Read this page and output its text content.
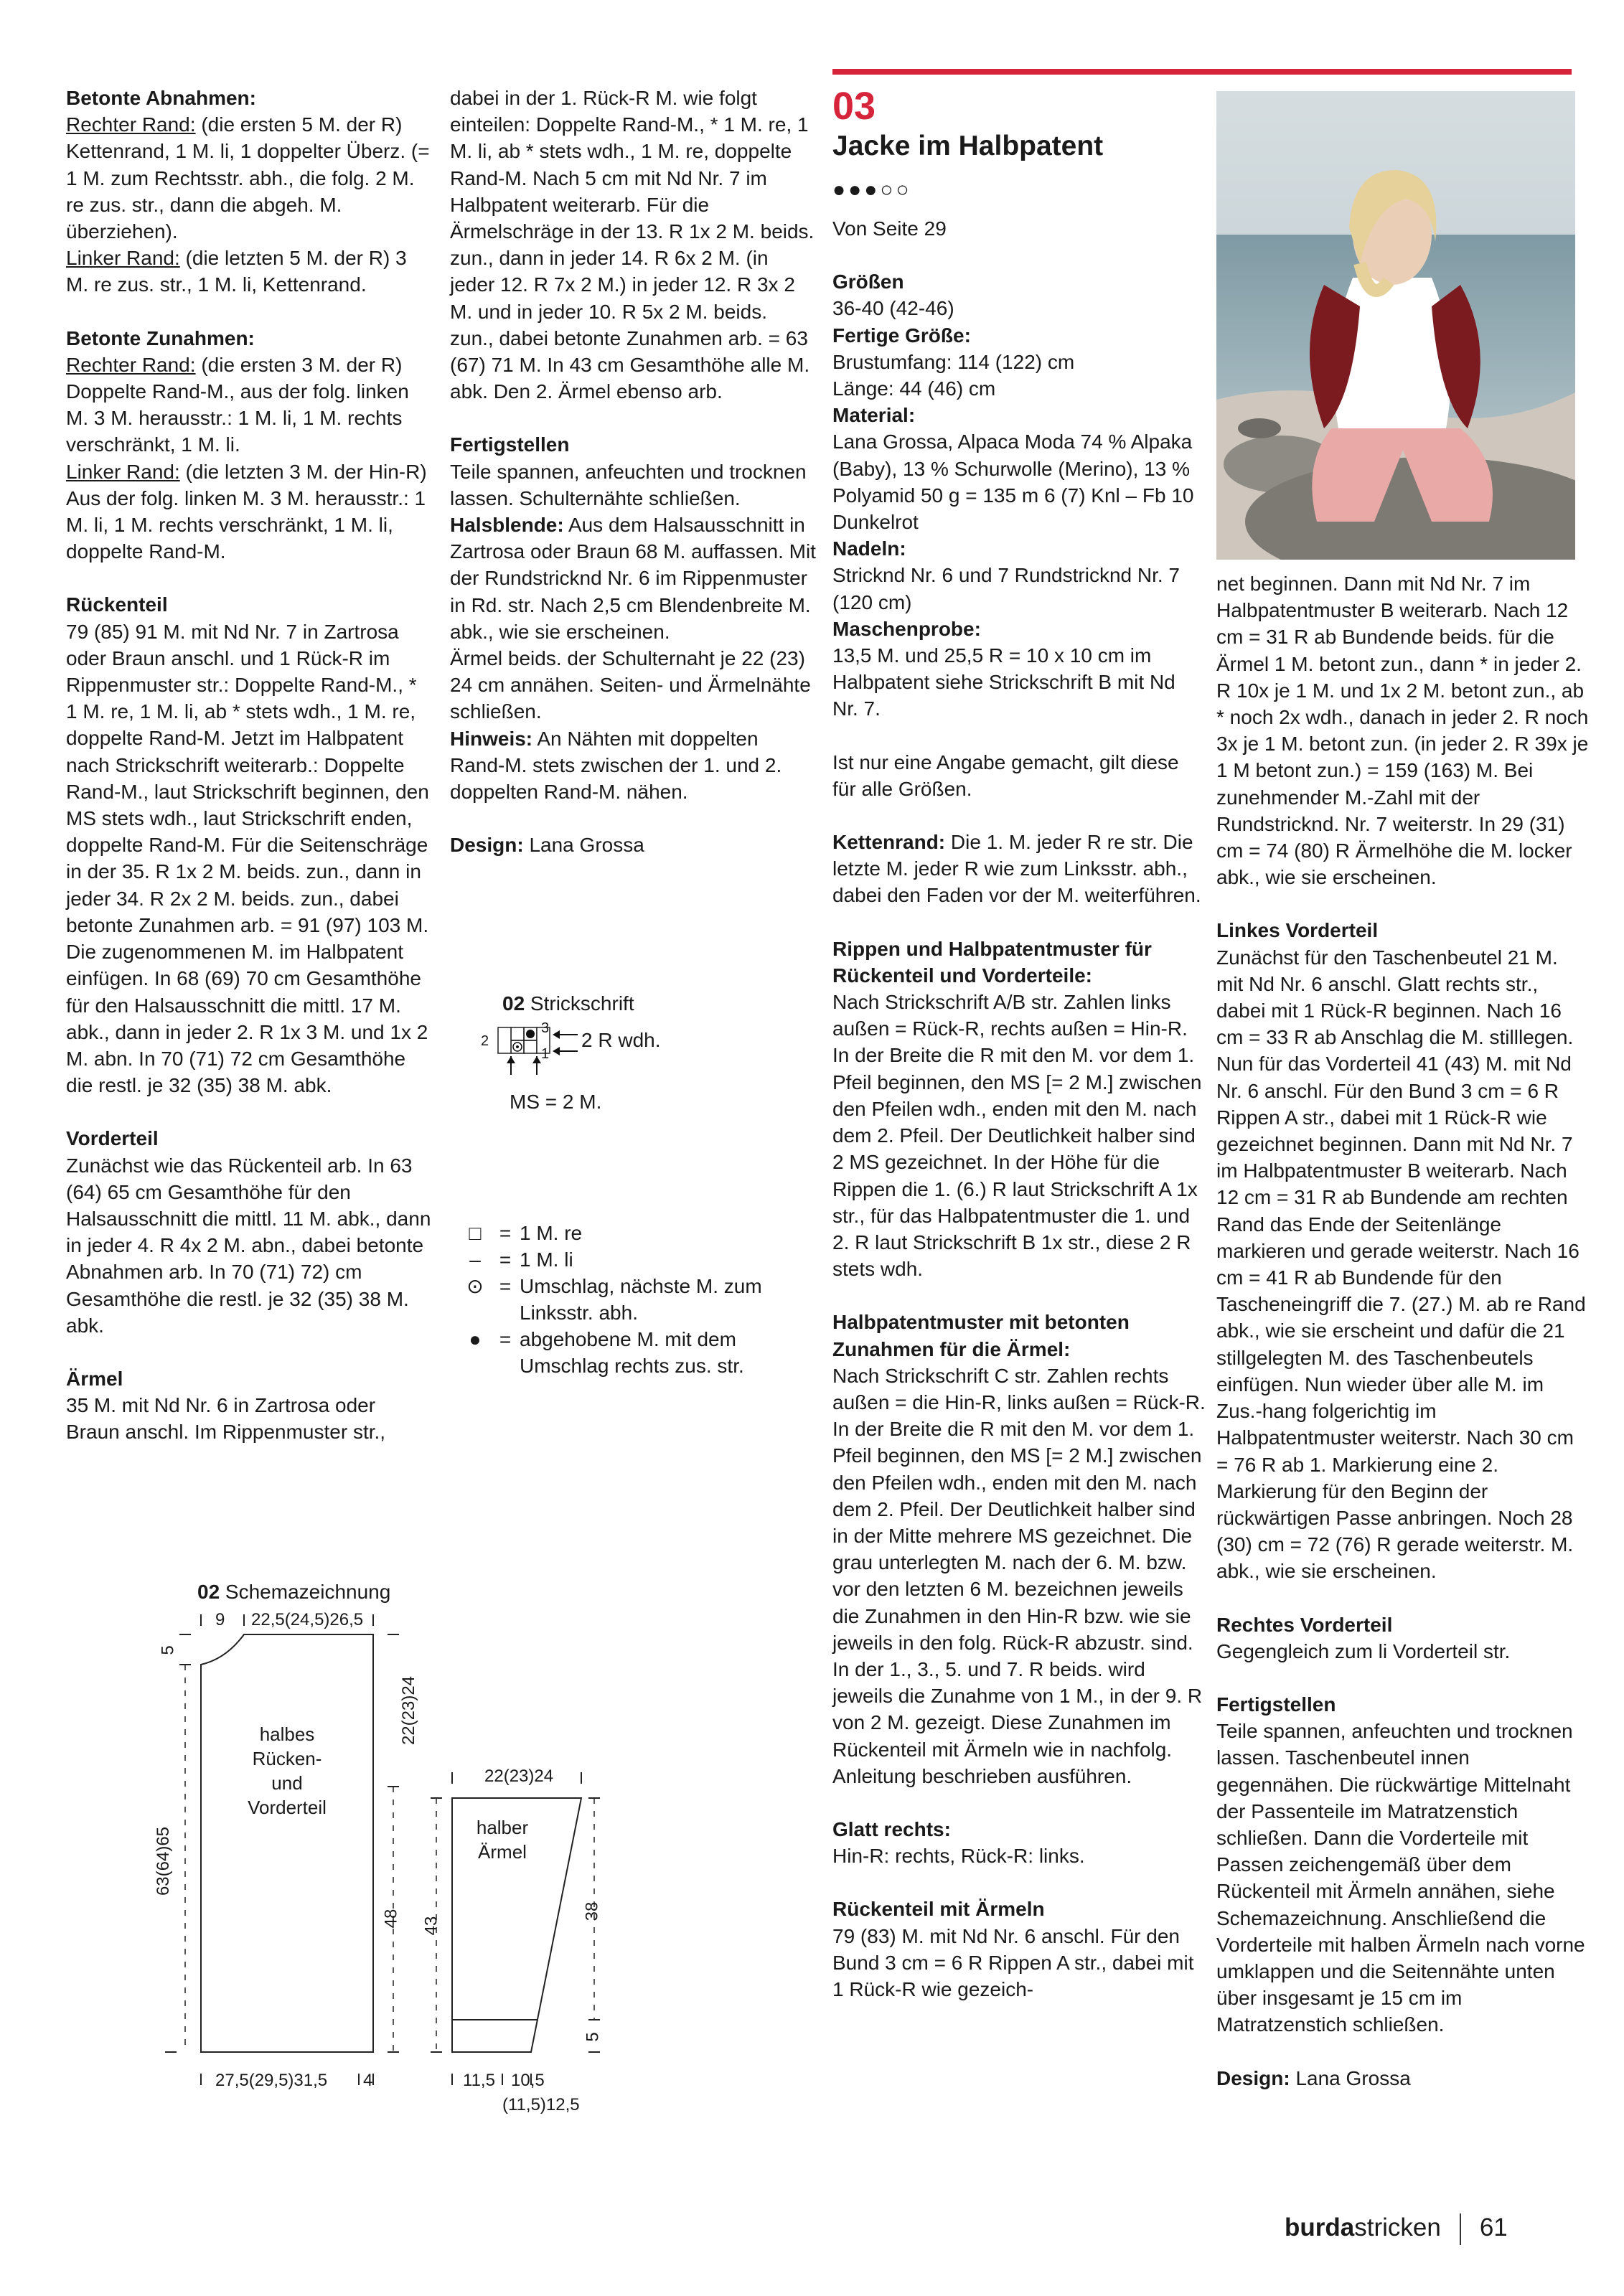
Betonte Abnahmen:

Rechter Rand: (die ersten 5 M. der R) Kettenrand, 1 M. li, 1 doppelter Überz. (= 1 M. zum Rechtsstr. abh., die folg. 2 M. re zus. str., dann die abgeh. M. überziehen).

Linker Rand: (die letzten 5 M. der R) 3 M. re zus. str., 1 M. li, Kettenrand.

Betonte Zunahmen:

Rechter Rand: (die ersten 3 M. der R) Doppelte Rand-M., aus der folg. linken M. 3 M. herausstr.: 1 M. li, 1 M. rechts verschränkt, 1 M. li.

Linker Rand: (die letzten 3 M. der Hin-R) Aus der folg. linken M. 3 M. herausstr.: 1 M. li, 1 M. rechts verschränkt, 1 M. li, doppelte Rand-M.

Rückenteil

79 (85) 91 M. mit Nd Nr. 7 in Zartrosa oder Braun anschl. und 1 Rück-R im Rippenmuster str.: Doppelte Rand-M., * 1 M. re, 1 M. li, ab * stets wdh., 1 M. re, doppelte Rand-M. Jetzt im Halbpatent nach Strickschrift weiterarb.: Doppelte Rand-M., laut Strickschrift beginnen, den MS stets wdh., laut Strickschrift enden, doppelte Rand-M. Für die Seitenschräge in der 35. R 1x 2 M. beids. zun., dann in jeder 34. R 2x 2 M. beids. zun., dabei betonte Zunahmen arb. = 91 (97) 103 M. Die zugenommenen M. im Halbpatent einfügen. In 68 (69) 70 cm Gesamthöhe für den Halsausschnitt die mittl. 17 M. abk., dann in jeder 2. R 1x 3 M. und 1x 2 M. abn. In 70 (71) 72 cm Gesamthöhe die restl. je 32 (35) 38 M. abk.

Vorderteil

Zunächst wie das Rückenteil arb. In 63 (64) 65 cm Gesamthöhe für den Halsausschnitt die mittl. 11 M. abk., dann in jeder 4. R 4x 2 M. abn., dabei betonte Abnahmen arb. In 70 (71) 72) cm Gesamthöhe die restl. je 32 (35) 38 M. abk.

Ärmel

35 M. mit Nd Nr. 6 in Zartrosa oder Braun anschl. Im Rippenmuster str.,

dabei in der 1. Rück-R M. wie folgt einteilen: Doppelte Rand-M., * 1 M. re, 1 M. li, ab * stets wdh., 1 M. re, doppelte Rand-M. Nach 5 cm mit Nd Nr. 7 im Halbpatent weiterarb. Für die Ärmelschräge in der 13. R 1x 2 M. beids. zun., dann in jeder 14. R 6x 2 M. (in jeder 12. R 7x 2 M.) in jeder 12. R 3x 2 M. und in jeder 10. R 5x 2 M. beids. zun., dabei betonte Zunahmen arb. = 63 (67) 71 M. In 43 cm Gesamthöhe alle M. abk. Den 2. Ärmel ebenso arb.

Fertigstellen

Teile spannen, anfeuchten und trocknen lassen. Schulternähte schließen.

Halsblende: Aus dem Halsausschnitt in Zartrosa oder Braun 68 M. auffassen. Mit der Rundstricknd Nr. 6 im Rippenmuster in Rd. str. Nach 2,5 cm Blendenbreite M. abk., wie sie erscheinen.

Ärmel beids. der Schulternaht je 22 (23) 24 cm annähen. Seiten- und Ärmelnähte schließen.

Hinweis: An Nähten mit doppelten Rand-M. stets zwischen der 1. und 2. doppelten Rand-M. nähen.

Design: Lana Grossa

03
Jacke im Halbpatent
●●●○○

Von Seite 29

Größen

36-40 (42-46)

Fertige Größe:

Brustumfang: 114 (122) cm

Länge: 44 (46) cm

Material:

Lana Grossa, Alpaca Moda 74 % Alpaka (Baby), 13 % Schurwolle (Merino), 13 % Polyamid 50 g = 135 m 6 (7) Knl – Fb 10 Dunkelrot

Nadeln:

Stricknd Nr. 6 und 7 Rundstricknd Nr. 7 (120 cm)

Maschenprobe:

13,5 M. und 25,5 R = 10 x 10 cm im Halbpatent siehe Strickschrift B mit Nd Nr. 7.

Ist nur eine Angabe gemacht, gilt diese für alle Größen.

Kettenrand: Die 1. M. jeder R re str. Die letzte M. jeder R wie zum Linksstr. abh., dabei den Faden vor der M. weiterführen.

Rippen und Halbpatentmuster für Rückenteil und Vorderteile:

Nach Strickschrift A/B str. Zahlen links außen = Rück-R, rechts außen = Hin-R. In der Breite die R mit den M. vor dem 1. Pfeil beginnen, den MS [= 2 M.] zwischen den Pfeilen wdh., enden mit den M. nach dem 2. Pfeil. Der Deutlichkeit halber sind 2 MS gezeichnet. In der Höhe für die Rippen die 1. (6.) R laut Strickschrift A 1x str., für das Halbpatentmuster die 1. und 2. R laut Strickschrift B 1x str., diese 2 R stets wdh.

Halbpatentmuster mit betonten Zunahmen für die Ärmel:

Nach Strickschrift C str. Zahlen rechts außen = die Hin-R, links außen = Rück-R. In der Breite die R mit den M. vor dem 1. Pfeil beginnen, den MS [= 2 M.] zwischen den Pfeilen wdh., enden mit den M. nach dem 2. Pfeil. Der Deutlichkeit halber sind in der Mitte mehrere MS gezeichnet. Die grau unterlegten M. nach der 6. M. bzw. vor den letzten 6 M. bezeichnen jeweils die Zunahmen in den Hin-R bzw. wie sie jeweils in den folg. Rück-R abzustr. sind. In der 1., 3., 5. und 7. R beids. wird jeweils die Zunahme von 1 M., in der 9. R von 2 M. gezeigt. Diese Zunahmen im Rückenteil mit Ärmeln wie in nachfolg. Anleitung beschrieben ausführen.

Glatt rechts:

Hin-R: rechts, Rück-R: links.

Rückenteil mit Ärmeln

79 (83) M. mit Nd Nr. 6 anschl. Für den Bund 3 cm = 6 R Rippen A str., dabei mit 1 Rück-R wie gezeich-

net beginnen. Dann mit Nd Nr. 7 im Halbpatentmuster B weiterarb. Nach 12 cm = 31 R ab Bundende beids. für die Ärmel 1 M. betont zun., dann * in jeder 2. R 10x je 1 M. und 1x 2 M. betont zun., ab * noch 2x wdh., danach in jeder 2. R noch 3x je 1 M. betont zun. (in jeder 2. R 39x je 1 M betont zun.) = 159 (163) M. Bei zunehmender M.-Zahl mit der Rundstricknd. Nr. 7 weiterstr. In 29 (31) cm = 74 (80) R Ärmelhöhe die M. locker abk., wie sie erscheinen.

Linkes Vorderteil

Zunächst für den Taschenbeutel 21 M. mit Nd Nr. 6 anschl. Glatt rechts str., dabei mit 1 Rück-R beginnen. Nach 16 cm = 33 R ab Anschlag die M. stilllegen. Nun für das Vorderteil 41 (43) M. mit Nd Nr. 6 anschl. Für den Bund 3 cm = 6 R Rippen A str., dabei mit 1 Rück-R wie gezeichnet beginnen. Dann mit Nd Nr. 7 im Halbpatentmuster B weiterarb. Nach 12 cm = 31 R ab Bundende am rechten Rand das Ende der Seitenlänge markieren und gerade weiterstr. Nach 16 cm = 41 R ab Bundende für den Tascheneingriff die 7. (27.) M. ab re Rand abk., wie sie erscheint und dafür die 21 stillgelegten M. des Taschenbeutels einfügen. Nun wieder über alle M. im Zus.-hang folgerichtig im Halbpatentmuster weiterstr. Nach 30 cm = 76 R ab 1. Markierung eine 2. Markierung für den Beginn der rückwärtigen Passe anbringen. Noch 28 (30) cm = 72 (76) R gerade weiterstr. M. abk., wie sie erscheinen.

Rechtes Vorderteil

Gegengleich zum li Vorderteil str.

Fertigstellen

Teile spannen, anfeuchten und trocknen lassen. Taschenbeutel innen gegennähen. Die rückwärtige Mittelnaht der Passenteile im Matratzenstich schließen. Dann die Vorderteile mit Passen zeichengemäß über dem Rückenteil mit Ärmeln annähen, siehe Schemazeichnung. Anschließend die Vorderteile mit halben Ärmeln nach vorne umklappen und die Seitennähte unten über insgesamt je 15 cm im Matratzenstich schließen.

Design: Lana Grossa

02 Strickschrift
2
3
1
2 R wdh.
MS = 2 M.
□ = 1 M. re
– = 1 M. li
⊙ = Umschlag, nächste M. zum Linksstr. abh.
● = abgehobene M. mit dem Umschlag rechts zus. str.
02 Schemazeichnung
9 22,5(24,5)26,5
5
63(64)65
22(23)24
48
27,5(29,5)31,5 4
halbes
Rücken-
und
Vorderteil
22(23)24
halber
Ärmel
43
38
5
11,5 10,5
(11,5)12,5
burdastricken 61
